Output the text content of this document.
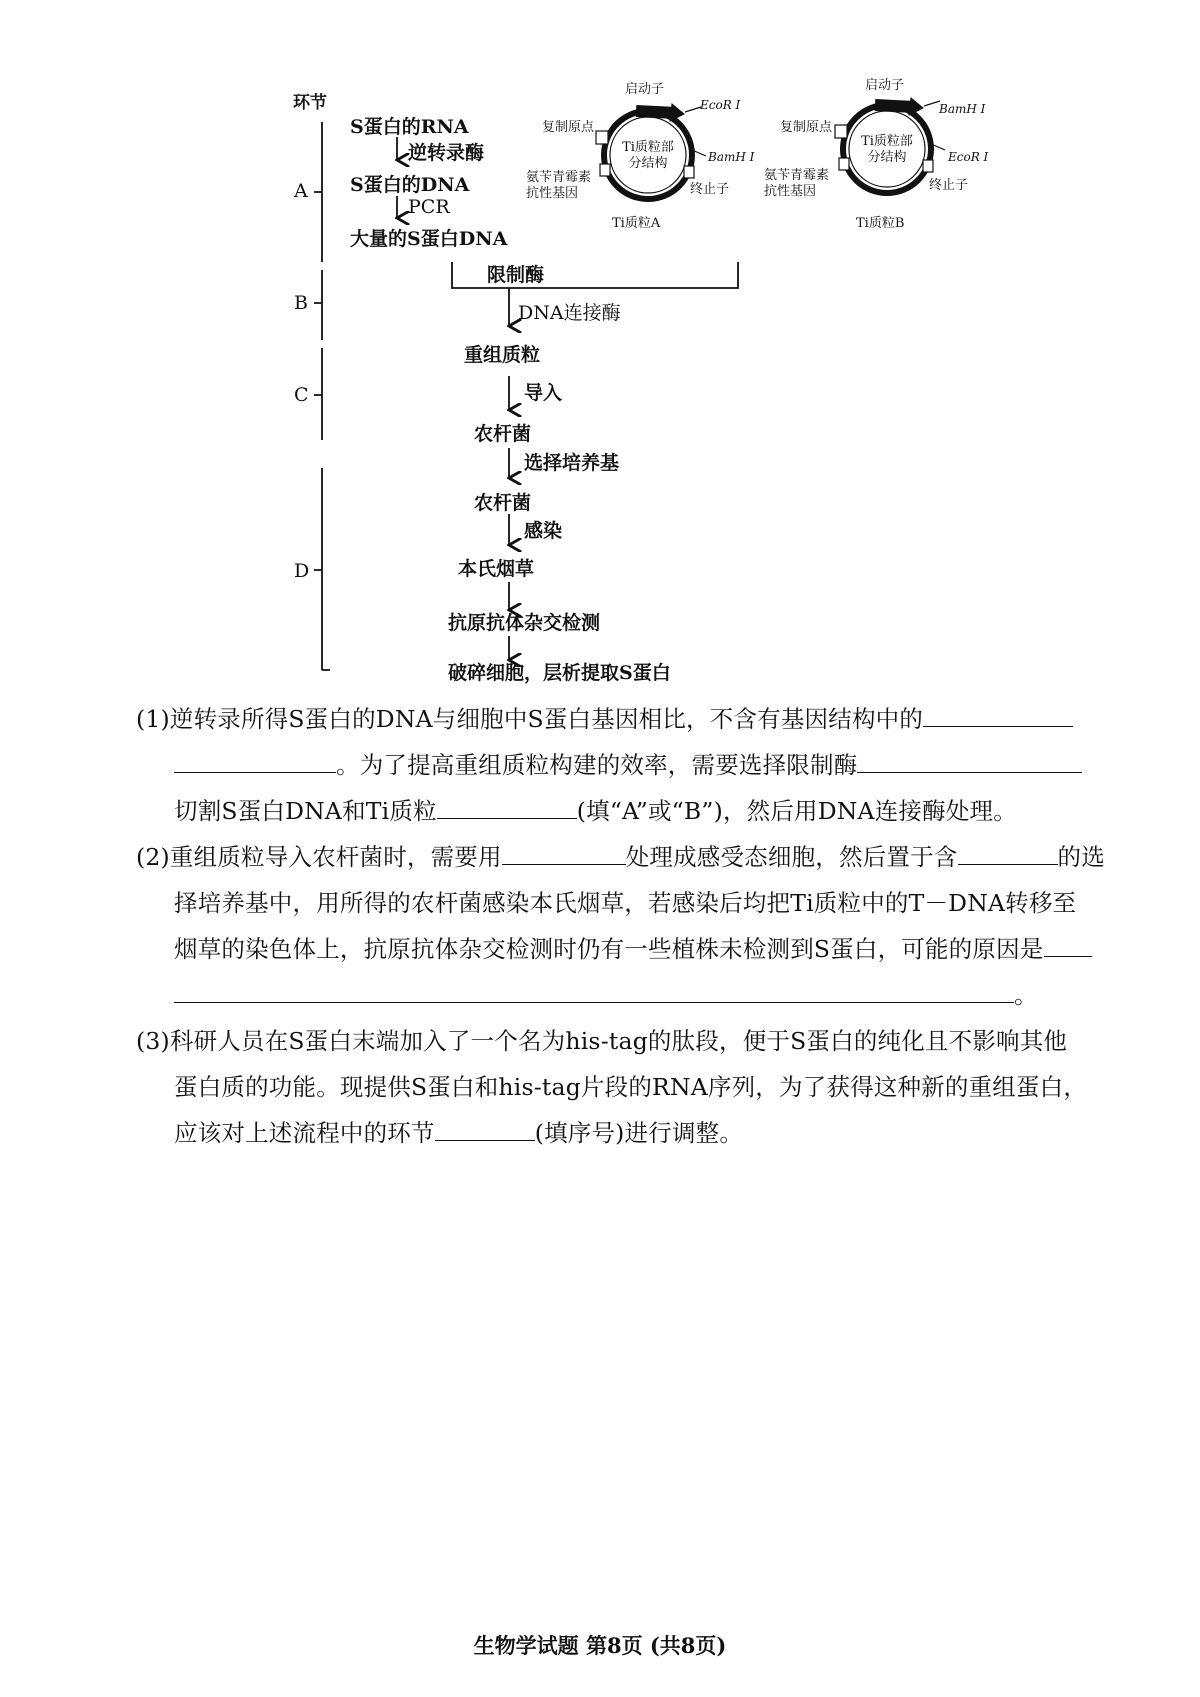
环节
A
B
C
D
S蛋白的RNA
逆转录酶
S蛋白的DNA
PCR
大量的S蛋白DNA
限制酶
DNA连接酶
重组质粒
导入
农杆菌
选择培养基
农杆菌
感染
本氏烟草
抗原抗体杂交检测
破碎细胞，层析提取S蛋白
启动子
复制原点
Ti质粒部分结构
氨苄青霉素抗性基因	终止子
EcoR I
BamH I
Ti质粒A
启动子
复制原点
Ti质粒部分结构
氨苄青霉素抗性基因	终止子
BamH I
EcoR I
Ti质粒B
(1)逆转录所得S蛋白的DNA与细胞中S蛋白基因相比，不含有基因结构中的
。为了提高重组质粒构建的效率，需要选择限制酶
切割S蛋白DNA和Ti质粒	(填“A”或“B”)，然后用DNA连接酶处理。
(2)重组质粒导入农杆菌时，需要用	处理成感受态细胞，然后置于含	的选
择培养基中，用所得的农杆菌感染本氏烟草，若感染后均把Ti质粒中的T－DNA转移至
烟草的染色体上，抗原抗体杂交检测时仍有一些植株未检测到S蛋白，可能的原因是
。
(3)科研人员在S蛋白末端加入了一个名为his-tag的肽段，便于S蛋白的纯化且不影响其他
蛋白质的功能。现提供S蛋白和his-tag片段的RNA序列，为了获得这种新的重组蛋白，
应该对上述流程中的环节	(填序号)进行调整。
生物学试题 第8页 (共8页)
